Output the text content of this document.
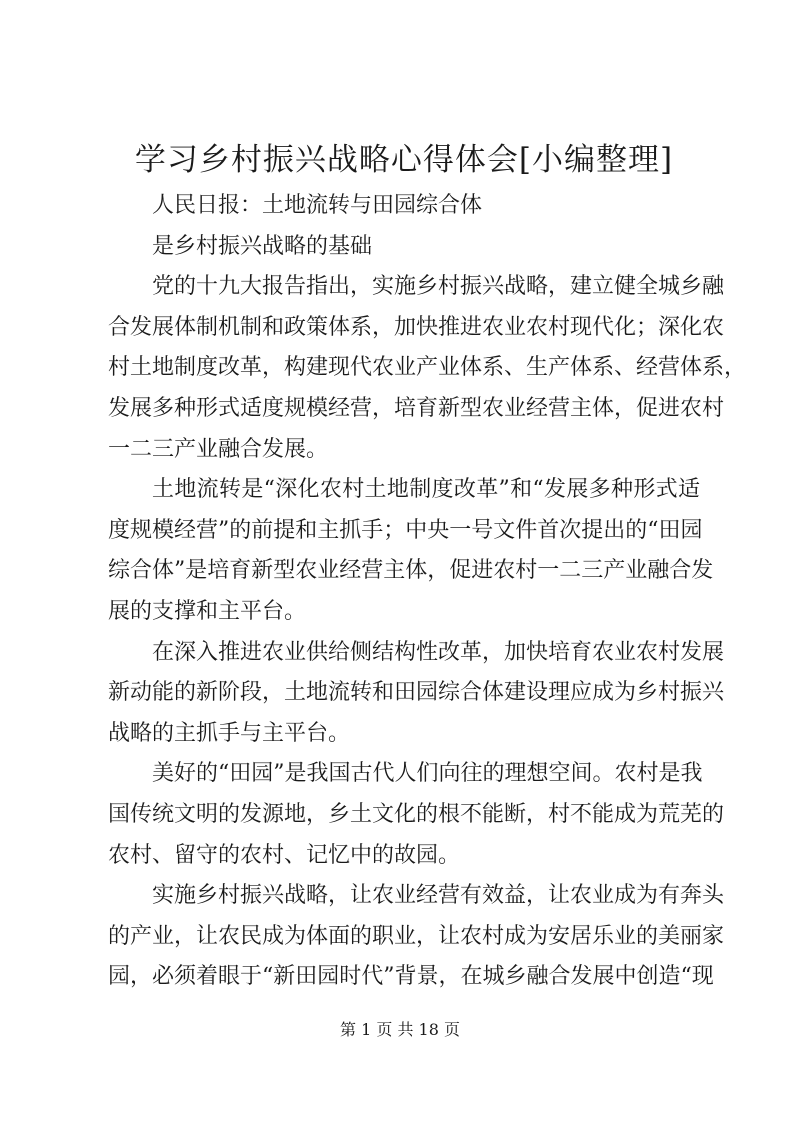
学习乡村振兴战略心得体会[小编整理]
人民日报：土地流转与田园综合体
是乡村振兴战略的基础
党的十九大报告指出，实施乡村振兴战略，建立健全城乡融
合发展体制机制和政策体系，加快推进农业农村现代化；深化农
村土地制度改革，构建现代农业产业体系、生产体系、经营体系，
发展多种形式适度规模经营，培育新型农业经营主体，促进农村
一二三产业融合发展。
土地流转是“深化农村土地制度改革”和“发展多种形式适
度规模经营”的前提和主抓手；中央一号文件首次提出的“田园
综合体”是培育新型农业经营主体，促进农村一二三产业融合发
展的支撑和主平台。
在深入推进农业供给侧结构性改革，加快培育农业农村发展
新动能的新阶段，土地流转和田园综合体建设理应成为乡村振兴
战略的主抓手与主平台。
美好的“田园”是我国古代人们向往的理想空间。农村是我
国传统文明的发源地，乡土文化的根不能断，村不能成为荒芜的
农村、留守的农村、记忆中的故园。
实施乡村振兴战略，让农业经营有效益，让农业成为有奔头
的产业，让农民成为体面的职业，让农村成为安居乐业的美丽家
园，必须着眼于“新田园时代”背景，在城乡融合发展中创造“现
第 1 页 共 18 页
